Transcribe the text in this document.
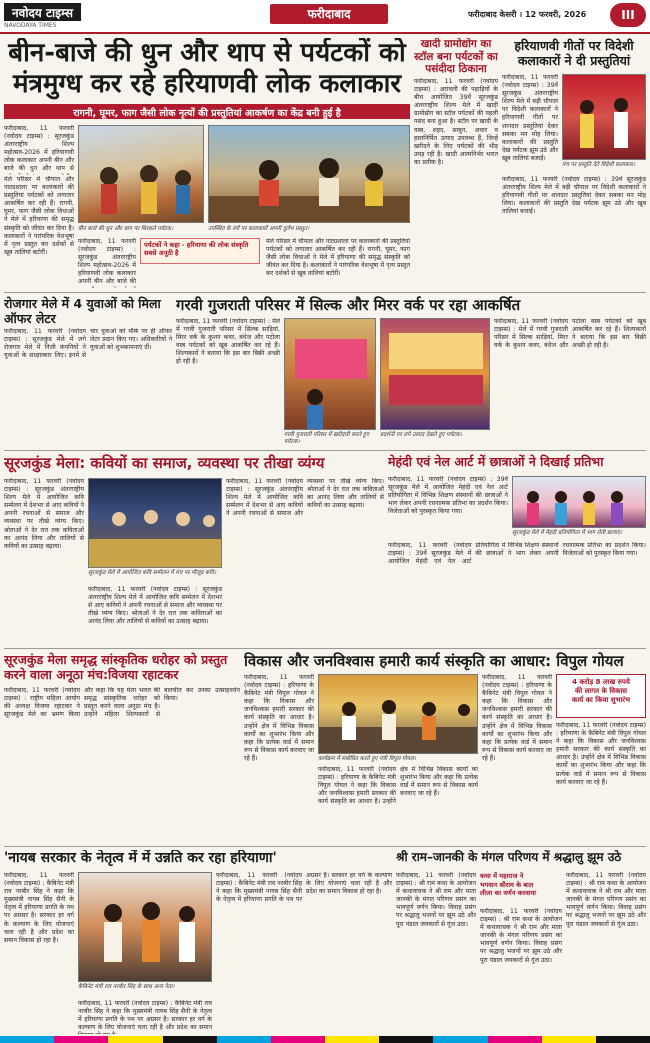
नवोदय टाइम्स
NAVODAYA TIMES
फरीदाबाद	फरीदाबाद केसरी । 12 फरवरी, 2026	III
बीन-बाजे की धुन और थाप से पर्यटकों को मंत्रमुग्ध कर रहे हरियाणवी लोक कलाकार
रागनी, घूमर, फाग जैसी लोक नृत्यों की प्रस्तुतियां आकर्षण का केंद्र बनी हुई है
फरीदाबाद, 11 फरवरी (नवोदय टाइम्स) : सूरजकुंड अंतरराष्ट्रीय शिल्प महोत्सव-2026 में हरियाणवी लोक कलाकार अपनी बीन और बाजे की धुन और थाप से
मेले परिसर में चौपाल और नाट्यशाला पर कलाकारों की प्रस्तुतियां पर्यटकों को लगातार आकर्षित कर रही हैं। रागनी, घूमर, फाग जैसी लोक विधाओं ने मेले में हरियाणा की समृद्ध संस्कृति को जीवंत कर दिया है। कलाकारों ने पारंपरिक वेशभूषा में नृत्य प्रस्तुत कर दर्शकों से खूब तालियां बटोरीं।
बीन बाजे की धुन और थाप पर थिरकते पर्यटक।	उपस्थित के रंगों पर कलाकारों अपनी दुर्लभ प्रस्तुत।
पर्यटकों ने कहा - हरियाणा की लोक संस्कृति सबसे अनूठी है
फरीदाबाद, 11 फरवरी (नवोदय टाइम्स) : सूरजकुंड अंतरराष्ट्रीय शिल्प महोत्सव-2026 में हरियाणवी लोक कलाकार अपनी बीन और बाजे की
मेले परिसर में चौपाल और नाट्यशाला पर कलाकारों की प्रस्तुतियां पर्यटकों को लगातार आकर्षित कर रही हैं। रागनी, घूमर, फाग जैसी लोक विधाओं ने मेले में हरियाणा की समृद्ध संस्कृति को जीवंत कर दिया है। कलाकारों ने पारंपरिक वेशभूषा में नृत्य प्रस्तुत कर दर्शकों से खूब तालियां बटोरीं।
खादी ग्रामोद्योग का स्टॉल बना पर्यटकों का पसंदीदा ठिकाना
फरीदाबाद, 11 फरवरी (नवोदय टाइम्स) : अरावली की पहाड़ियों के बीच आयोजित 39वें सूरजकुंड अंतरराष्ट्रीय शिल्प मेले में खादी ग्रामोद्योग का स्टॉल पर्यटकों की पहली पसंद बना हुआ है। स्टॉल पर खादी के वस्त्र, शहद, साबुन, अचार व हस्तनिर्मित उत्पाद उपलब्ध हैं, जिन्हें खरीदने के लिए पर्यटकों की भीड़ उमड़ रही है। खादी आत्मनिर्भर भारत का प्रतीक है।
हरियाणवी गीतों पर विदेशी कलाकारों ने दी प्रस्तुतियां
फरीदाबाद, 11 फरवरी (नवोदय टाइम्स) : 39वें सूरजकुंड अंतरराष्ट्रीय शिल्प मेले में बड़ी चौपाल पर विदेशी कलाकारों ने हरियाणवी गीतों पर शानदार प्रस्तुतियां देकर सबका मन मोह लिया। कलाकारों की प्रस्तुति देख पर्यटक झूम उठे और खूब तालियां बजाईं।
मंच पर प्रस्तुति देते विदेशी कलाकार।
फरीदाबाद, 11 फरवरी (नवोदय टाइम्स) : 39वें सूरजकुंड अंतरराष्ट्रीय शिल्प मेले में बड़ी चौपाल पर विदेशी कलाकारों ने हरियाणवी गीतों पर शानदार प्रस्तुतियां देकर सबका मन मोह लिया। कलाकारों की प्रस्तुति देख पर्यटक झूम उठे और खूब तालियां बजाईं।
रोजगार मेले में 4 युवाओं को मिला ऑफर लेटर
फरीदाबाद, 11 फरवरी (नवोदय टाइम्स) : सूरजकुंड मेले में लगे रोजगार मेले में निजी कंपनियों ने युवाओं के साक्षात्कार लिए। इनमें से चार युवाओं को मौके पर ही ऑफर लेटर प्रदान किए गए। अधिकारियों ने युवाओं को शुभकामनाएं दीं।
गरवी गुजराती परिसर में सिल्क और मिरर वर्क पर रहा आकर्षित
फरीदाबाद, 11 फरवरी (नवोदय टाइम्स) : मेले में गरवी गुजराती परिसर में सिल्क साड़ियां, मिरर वर्क के कुशन कवर, बंधेज और पटोला वस्त्र पर्यटकों को खूब आकर्षित कर रहे हैं। शिल्पकारों ने बताया कि इस बार बिक्री अच्छी हो रही है।
गरवी गुजराती परिसर में खरीदारी करते हुए पर्यटक।
प्रदर्शनी पर लगे उत्पाद देखते हुए पर्यटक।
फरीदाबाद, 11 फरवरी (नवोदय टाइम्स) : मेले में गरवी गुजराती परिसर में सिल्क साड़ियां, मिरर वर्क के कुशन कवर, बंधेज और पटोला वस्त्र पर्यटकों को खूब आकर्षित कर रहे हैं। शिल्पकारों ने बताया कि इस बार बिक्री अच्छी हो रही है।
सूरजकुंड मेला: कवियों का समाज, व्यवस्था पर तीखा व्यंग्य
फरीदाबाद, 11 फरवरी (नवोदय टाइम्स) : सूरजकुंड अंतरराष्ट्रीय शिल्प मेले में आयोजित कवि सम्मेलन में देशभर से आए कवियों ने अपनी रचनाओं से समाज और व्यवस्था पर तीखे व्यंग्य किए। श्रोताओं ने देर रात तक कविताओं का आनंद लिया और तालियों से कवियों का उत्साह बढ़ाया।
सूरजकुंड मेले में आयोजित कवि सम्मेलन में मंच पर मौजूद कवि।
फरीदाबाद, 11 फरवरी (नवोदय टाइम्स) : सूरजकुंड अंतरराष्ट्रीय शिल्प मेले में आयोजित कवि सम्मेलन में देशभर से आए कवियों ने अपनी रचनाओं से समाज और व्यवस्था पर तीखे व्यंग्य किए। श्रोताओं ने देर रात तक कविताओं का आनंद लिया और तालियों से कवियों का उत्साह बढ़ाया।
फरीदाबाद, 11 फरवरी (नवोदय टाइम्स) : सूरजकुंड अंतरराष्ट्रीय शिल्प मेले में आयोजित कवि सम्मेलन में देशभर से आए कवियों ने अपनी रचनाओं से समाज और व्यवस्था पर तीखे व्यंग्य किए। श्रोताओं ने देर रात तक कविताओं का आनंद लिया और तालियों से कवियों का उत्साह बढ़ाया।
मेहंदी एवं नेल आर्ट में छात्राओं ने दिखाई प्रतिभा
फरीदाबाद, 11 फरवरी (नवोदय टाइम्स) : 39वें सूरजकुंड मेले में आयोजित मेहंदी एवं नेल आर्ट प्रतियोगिता में विभिन्न शिक्षण संस्थानों की छात्राओं ने भाग लेकर अपनी रचनात्मक प्रतिभा का प्रदर्शन किया। विजेताओं को पुरस्कृत किया गया।
सूरजकुंड मेले में मेहंदी प्रतियोगिता में भाग लेती छात्राएं।
फरीदाबाद, 11 फरवरी (नवोदय टाइम्स) : 39वें सूरजकुंड मेले में आयोजित मेहंदी एवं नेल आर्ट प्रतियोगिता में विभिन्न शिक्षण संस्थानों की छात्राओं ने भाग लेकर अपनी रचनात्मक प्रतिभा का प्रदर्शन किया। विजेताओं को पुरस्कृत किया गया।
सूरजकुंड मेला समृद्ध सांस्कृतिक धरोहर को प्रस्तुत करने वाला अनूठा मंच:विजया रहाटकर
फरीदाबाद, 11 फरवरी (नवोदय टाइम्स) : राष्ट्रीय महिला आयोग की अध्यक्ष विजया रहाटकर ने सूरजकुंड मेले का भ्रमण किया और कहा कि यह मेला भारत की समृद्ध सांस्कृतिक धरोहर को प्रस्तुत करने वाला अनूठा मंच है। उन्होंने महिला शिल्पकारों से बातचीत कर उनका उत्साहवर्धन किया।
विकास और जनविश्वास हमारी कार्य संस्कृति का आधार: विपुल गोयल
फरीदाबाद, 11 फरवरी (नवोदय टाइम्स) : हरियाणा के कैबिनेट मंत्री विपुल गोयल ने कहा कि विकास और जनविश्वास हमारी सरकार की कार्य संस्कृति का आधार है। उन्होंने क्षेत्र में विभिन्न विकास कार्यों का शुभारंभ किया और कहा कि प्रत्येक वार्ड में समान रूप से विकास कार्य करवाए जा रहे हैं।	कार्यक्रम में संबोधित करते हुए मंत्री विपुल गोयल।
फरीदाबाद, 11 फरवरी (नवोदय टाइम्स) : हरियाणा के कैबिनेट मंत्री विपुल गोयल ने कहा कि विकास और जनविश्वास हमारी सरकार की कार्य संस्कृति का आधार है। उन्होंने क्षेत्र में विभिन्न विकास कार्यों का शुभारंभ किया और कहा कि प्रत्येक वार्ड में समान रूप से विकास कार्य करवाए जा रहे हैं।
फरीदाबाद, 11 फरवरी (नवोदय टाइम्स) : हरियाणा के कैबिनेट मंत्री विपुल गोयल ने कहा कि विकास और जनविश्वास हमारी सरकार की कार्य संस्कृति का आधार है। उन्होंने क्षेत्र में विभिन्न विकास कार्यों का शुभारंभ किया और कहा कि प्रत्येक वार्ड में समान रूप से विकास कार्य करवाए जा रहे हैं।
4 करोड़ 8 लाख रुपये
की लागत के विकास
कार्य का किया शुभारंभ
फरीदाबाद, 11 फरवरी (नवोदय टाइम्स) : हरियाणा के कैबिनेट मंत्री विपुल गोयल ने कहा कि विकास और जनविश्वास हमारी सरकार की कार्य संस्कृति का आधार है। उन्होंने क्षेत्र में विभिन्न विकास कार्यों का शुभारंभ किया और कहा कि प्रत्येक वार्ड में समान रूप से विकास कार्य करवाए जा रहे हैं।
'नायब सरकार के नेतृत्व में में उन्नति कर रहा हरियाणा'
फरीदाबाद, 11 फरवरी (नवोदय टाइम्स) : कैबिनेट मंत्री राव नरबीर सिंह ने कहा कि मुख्यमंत्री नायब सिंह सैनी के नेतृत्व में हरियाणा प्रगति के पथ पर अग्रसर है। सरकार हर वर्ग के कल्याण के लिए योजनाएं चला रही है और प्रदेश का समान विकास हो रहा है।
कैबिनेट मंत्री राव नरबीर सिंह के साथ अन्य नेता।
फरीदाबाद, 11 फरवरी (नवोदय टाइम्स) : कैबिनेट मंत्री राव नरबीर सिंह ने कहा कि मुख्यमंत्री नायब सिंह सैनी के नेतृत्व में हरियाणा प्रगति के पथ पर अग्रसर है। सरकार हर वर्ग के कल्याण के लिए योजनाएं चला रही है और प्रदेश का समान
फरीदाबाद, 11 फरवरी (नवोदय टाइम्स) : कैबिनेट मंत्री राव नरबीर सिंह ने कहा कि मुख्यमंत्री नायब सिंह सैनी के नेतृत्व में हरियाणा प्रगति के पथ पर अग्रसर है। सरकार हर वर्ग के कल्याण के लिए योजनाएं चला रही है और प्रदेश का समान विकास हो रहा है।
श्री राम–जानकी के मंगल परिणय में श्रद्धालु झूम उठे
फरीदाबाद, 11 फरवरी (नवोदय टाइम्स) : श्री राम कथा के आयोजन में कथावाचक ने श्री राम और माता जानकी के मंगल परिणय प्रसंग का भावपूर्ण वर्णन किया। विवाह प्रसंग पर श्रद्धालु भजनों पर झूम उठे और पूरा पंडाल जयकारों से गूंज उठा।
कथा में महाराज ने
भगवान श्रीराम के बाल
लीला का वर्णन करवाया
फरीदाबाद, 11 फरवरी (नवोदय टाइम्स) : श्री राम कथा के आयोजन में कथावाचक ने श्री राम और माता जानकी के मंगल परिणय प्रसंग का भावपूर्ण वर्णन किया। विवाह प्रसंग पर श्रद्धालु भजनों पर झूम उठे और पूरा पंडाल जयकारों से गूंज उठा।
फरीदाबाद, 11 फरवरी (नवोदय टाइम्स) : श्री राम कथा के आयोजन में कथावाचक ने श्री राम और माता जानकी के मंगल परिणय प्रसंग का भावपूर्ण वर्णन किया। विवाह प्रसंग पर श्रद्धालु भजनों पर झूम उठे और पूरा पंडाल जयकारों से गूंज उठा।
